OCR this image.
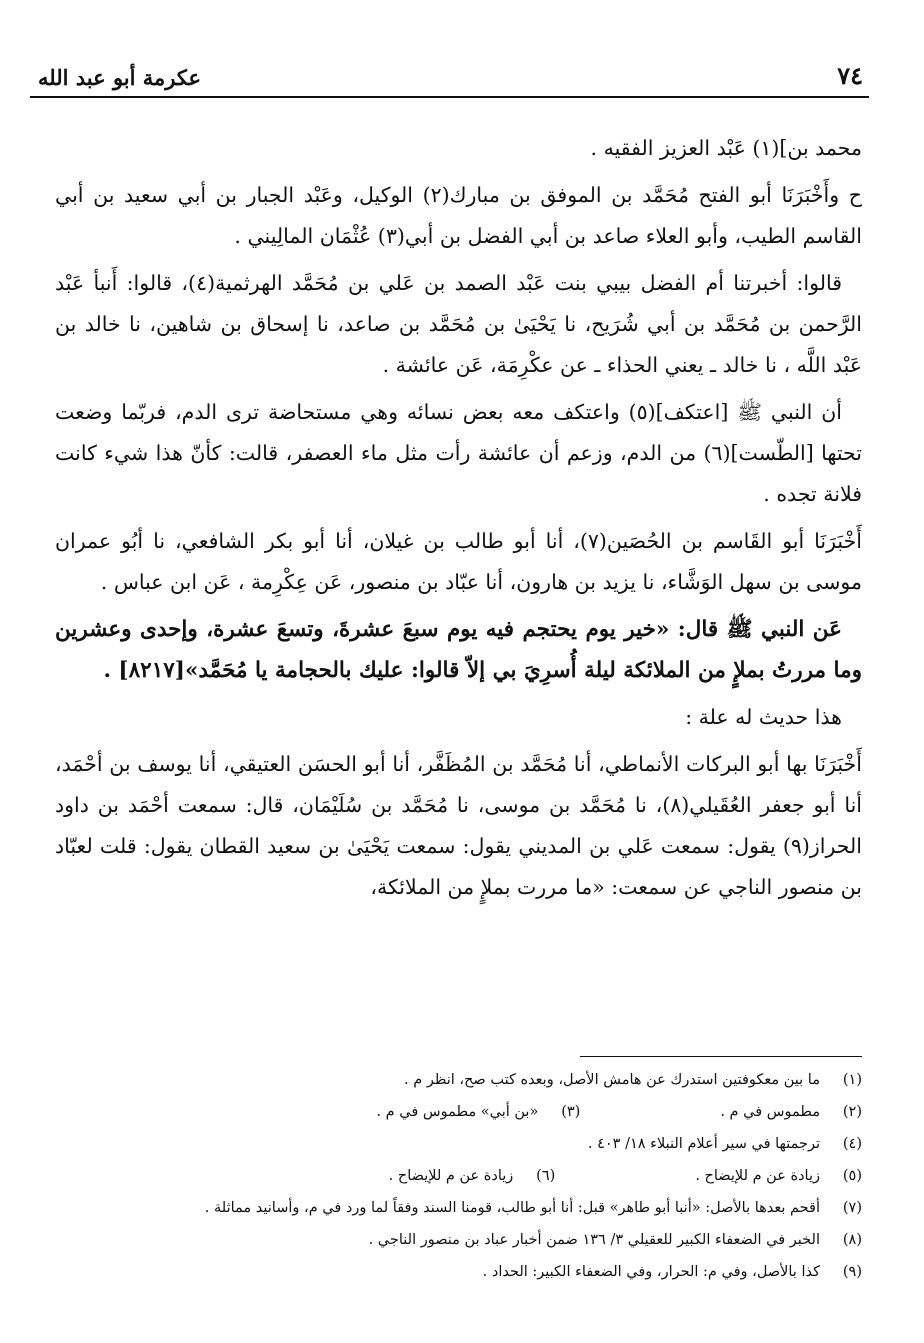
عكرمة أبو عبد الله	٧٤

محمد بن](١) عَبْد العزيز الفقيه .

ح وأَخْبَرَنَا أبو الفتح مُحَمَّد بن الموفق بن مبارك(٢) الوكيل، وعَبْد الجبار بن أبي سعيد بن أبي القاسم الطيب، وأبو العلاء صاعد بن أبي الفضل بن أبي(٣) عُثْمَان المالِيني .

قالوا: أخبرتنا أم الفضل بيبي بنت عَبْد الصمد بن عَلي بن مُحَمَّد الهرثمية(٤)، قالوا: أَنبأ عَبْد الرَّحمن بن مُحَمَّد بن أبي شُرَيح، نا يَحْيَىٰ بن مُحَمَّد بن صاعد، نا إسحاق بن شاهين، نا خالد بن عَبْد اللَّه ، نا خالد ـ يعني الحذاء ـ عن عكْرِمَة، عَن عائشة .

أن النبي ﷺ [اعتكف](٥) واعتكف معه بعض نسائه وهي مستحاضة ترى الدم، فربّما وضعت تحتها [الطّست](٦) من الدم، وزعم أن عائشة رأت مثل ماء العصفر، قالت: كأنّ هذا شيء كانت فلانة تجده .

أَخْبَرَنَا أبو القَاسم بن الحُصَين(٧)، أنا أبو طالب بن غيلان، أنا أبو بكر الشافعي، نا أبُو عمران موسى بن سهل الوَشَّاء، نا يزيد بن هارون، أنا عبّاد بن منصور، عَن عِكْرِمة ، عَن ابن عباس .

عَن النبي ﷺ قال: «خير يوم يحتجم فيه يوم سبعَ عشرةَ، وتسعَ عشرة، وإحدى وعشرين وما مررتُ بملإٍ من الملائكة ليلة أُسرِيَ بي إلاّ قالوا: عليك بالحجامة يا مُحَمَّد»[٨٢١٧] .

هذا حديث له علة :

أَخْبَرَنَا بها أبو البركات الأنماطي، أنا مُحَمَّد بن المُظَفَّر، أنا أبو الحسَن العتيقي، أنا يوسف بن أحْمَد، أنا أبو جعفر العُقَيلي(٨)، نا مُحَمَّد بن موسى، نا مُحَمَّد بن سُلَيْمَان، قال: سمعت أحْمَد بن داود الحراز(٩) يقول: سمعت عَلي بن المديني يقول: سمعت يَحْيَىٰ بن سعيد القطان يقول: قلت لعبّاد بن منصور الناجي عن سمعت: «ما مررت بملإٍ من الملائكة،

(١)
ما بين معكوفتين استدرك عن هامش الأصل، وبعده كتب صح، انظر م .
(٢)
مطموس في م .
(٣)
«بن أبي» مطموس في م .
(٤)
ترجمتها في سير أعلام النبلاء ١٨/ ٤٠٣ .
(٥)
زيادة عن م للإيضاح .
(٦)
زيادة عن م للإيضاح .
(٧)
أقحم بعدها بالأصل: «أنبا أبو طاهر» قبل: أنا أبو طالب، قومنا السند وفقاً لما ورد في م، وأسانيد مماثلة .
(٨)
الخبر في الضعفاء الكبير للعقيلي ٣/ ١٣٦ ضمن أخبار عباد بن منصور الناجي .
(٩)
كذا بالأصل، وفي م: الحرار، وفي الضعفاء الكبير: الحداد .
